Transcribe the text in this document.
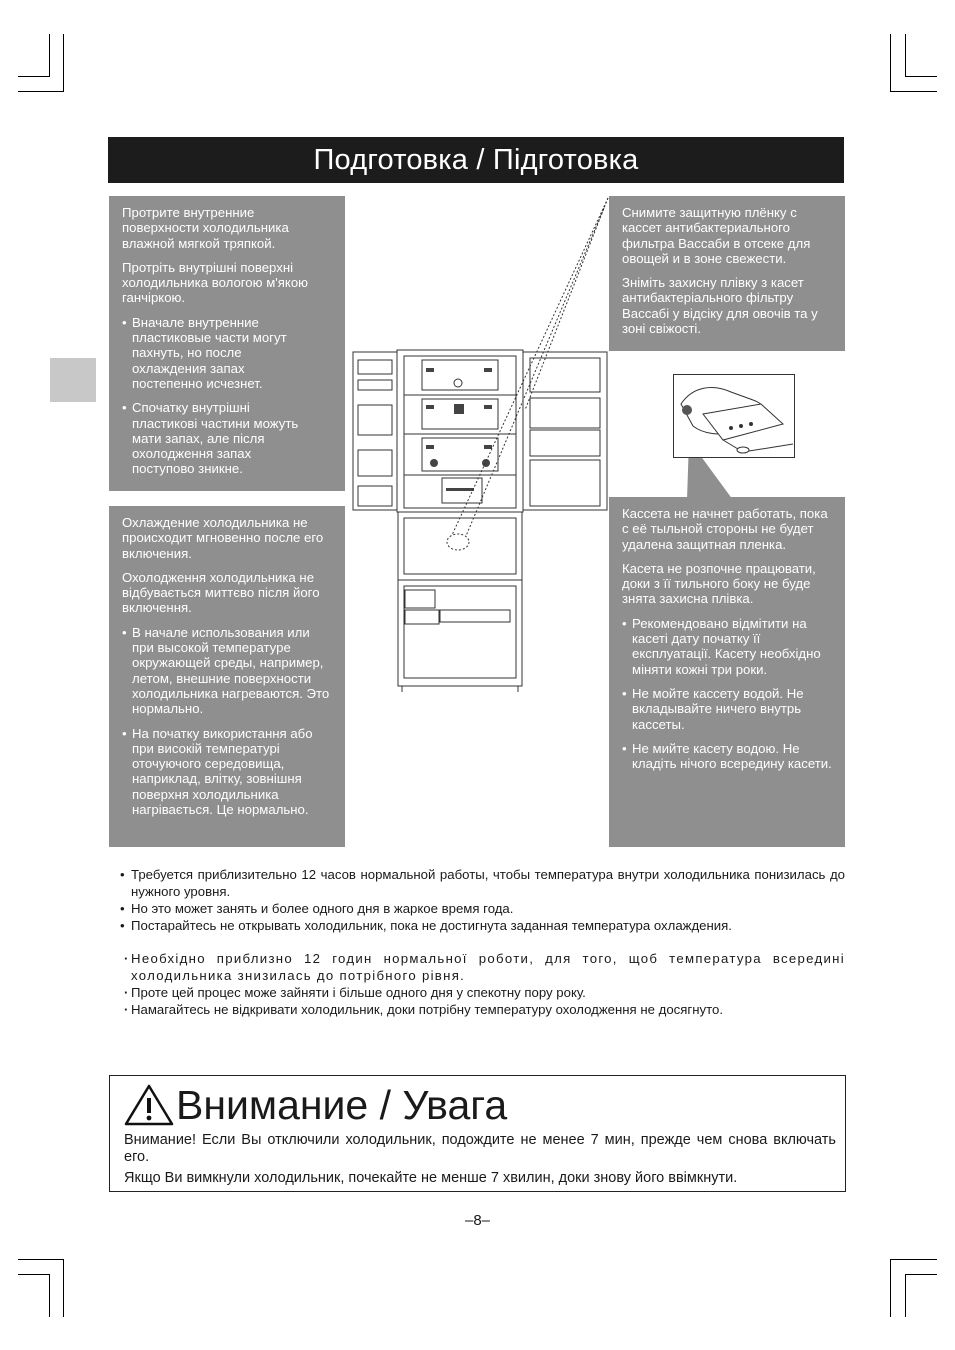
Подготовка / Підготовка

Протрите внутренние поверхности холодильника влажной мягкой тряпкой.

Протріть внутрішні поверхні холодильника вологою м'якою ганчіркою.

• Вначале внутренние пластиковые части могут пахнуть, но после охлаждения запах постепенно исчезнет.
• Спочатку внутрішні пластикові частини можуть мати запах, але після охолодження запах поступово зникне.

Охлаждение холодильника не происходит мгновенно после его включения.

Охолодження холодильника не відбувається миттєво після його включення.

• В начале использования или при высокой температуре окружающей среды, например, летом, внешние поверхности холодильника нагреваются. Это нормально.
• На початку використання або при високій температурі оточуючого середовища, наприклад, влітку, зовнішня поверхня холодильника нагрівається. Це нормально.

Снимите защитную плёнку с кассет антибактериального фильтра Вассаби в отсеке для овощей и в зоне свежести.

Зніміть захисну плівку з касет антибактеріального фільтру Вассабі у відсіку для овочів та у зоні свіжості.

Кассета не начнет работать, пока с её тыльной стороны не будет удалена защитная пленка.

Касета не розпочне працювати, доки з її тильного боку не буде знята захисна плівка.

• Рекомендовано відмітити на касеті дату початку її експлуатації. Касету необхідно міняти кожні три роки.
• Не мойте кассету водой. Не вкладывайте ничего внутрь кассеты.
• Не мийте касету водою. Не кладіть нічого всередину касети.
• Требуется приблизительно 12 часов нормальной работы, чтобы температура внутри холодильника понизилась до нужного уровня.
• Но это может занять и более одного дня в жаркое время года.
• Постарайтесь не открывать холодильник, пока не достигнута заданная температура охлаждения.
· Необхідно приблизно 12 годин нормальної роботи, для того, щоб температура всередині холодильника знизилась до потрібного рівня.
· Проте цей процес може зайняти і більше одного дня у спекотну пору року.
· Намагайтесь не відкривати холодильник, доки потрібну температуру охолодження не досягнуто.
Внимание / Увага

Внимание! Если Вы отключили холодильник, подождите не менее 7 мин, прежде чем снова включать его.

Якщо Ви вимкнули холодильник, почекайте не менше 7 хвилин, доки знову його ввімкнути.

–8–
